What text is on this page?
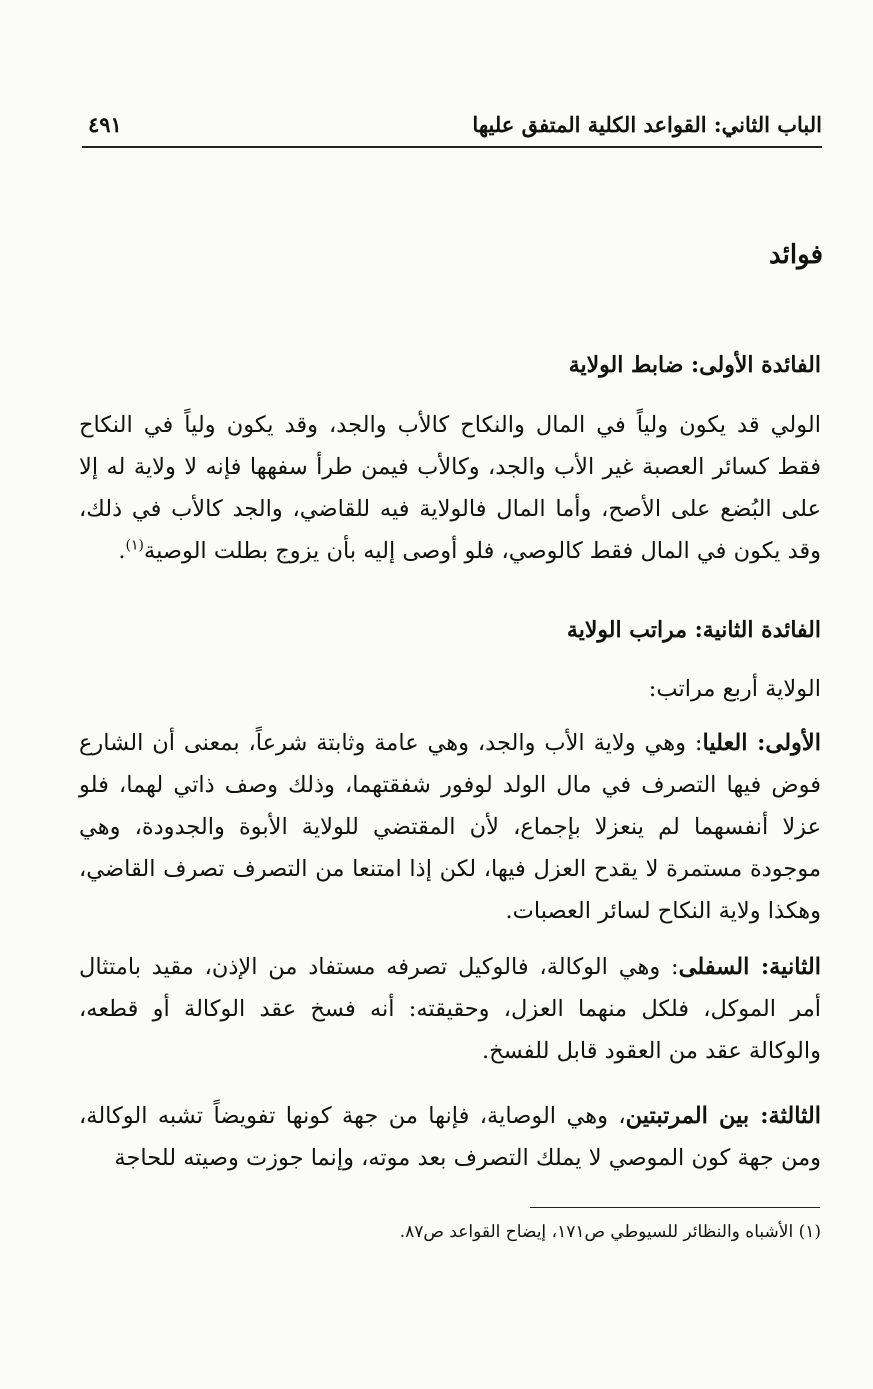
الباب الثاني: القواعد الكلية المتفق عليها
٤٩١
فوائد
الفائدة الأولى: ضابط الولاية

الولي قد يكون ولياً في المال والنكاح كالأب والجد، وقد يكون ولياً في النكاح فقط كسائر العصبة غير الأب والجد، وكالأب فيمن طرأ سفهها فإنه لا ولاية له إلا على البُضع على الأصح، وأما المال فالولاية فيه للقاضي، والجد كالأب في ذلك، وقد يكون في المال فقط كالوصي، فلو أوصى إليه بأن يزوج بطلت الوصية$^{(١)}$.

الفائدة الثانية: مراتب الولاية

الولاية أربع مراتب:

الأولى: العليا: وهي ولاية الأب والجد، وهي عامة وثابتة شرعاً، بمعنى أن الشارع فوض فيها التصرف في مال الولد لوفور شفقتهما، وذلك وصف ذاتي لهما، فلو عزلا أنفسهما لم ينعزلا بإجماع، لأن المقتضي للولاية الأبوة والجدودة، وهي موجودة مستمرة لا يقدح العزل فيها، لكن إذا امتنعا من التصرف تصرف القاضي، وهكذا ولاية النكاح لسائر العصبات.

الثانية: السفلى: وهي الوكالة، فالوكيل تصرفه مستفاد من الإذن، مقيد بامتثال أمر الموكل، فلكل منهما العزل، وحقيقته: أنه فسخ عقد الوكالة أو قطعه، والوكالة عقد من العقود قابل للفسخ.

الثالثة: بين المرتبتين، وهي الوصاية، فإنها من جهة كونها تفويضاً تشبه الوكالة، ومن جهة كون الموصي لا يملك التصرف بعد موته، وإنما جوزت وصيته للحاجة

(١) الأشباه والنظائر للسيوطي ص١٧١، إيضاح القواعد ص٨٧.
